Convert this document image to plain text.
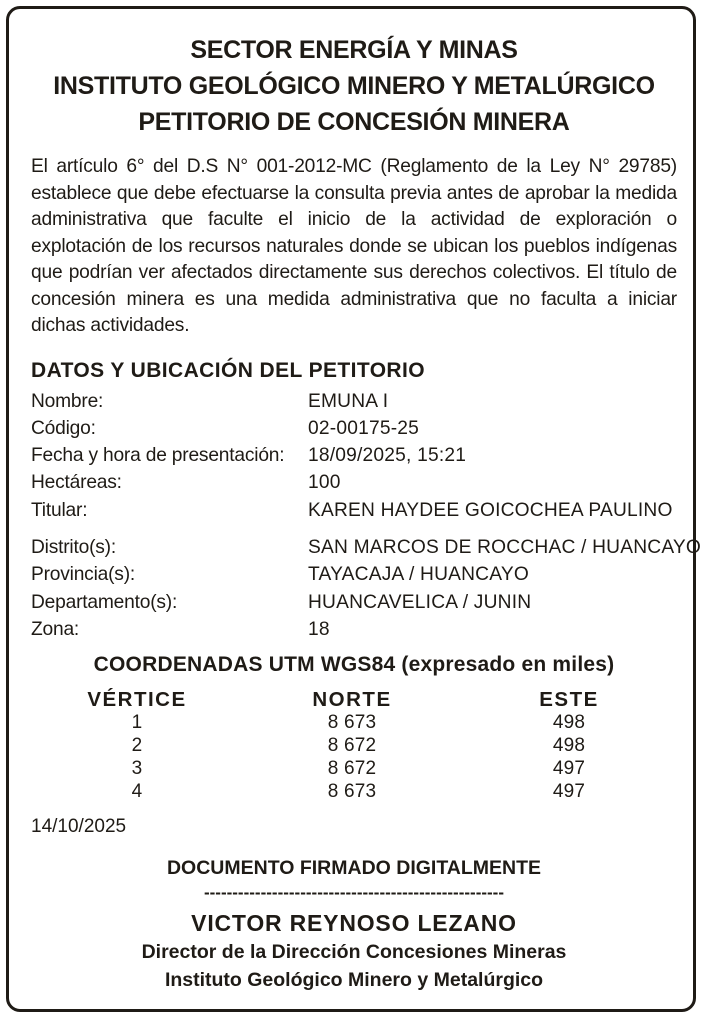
SECTOR ENERGÍA Y MINAS
INSTITUTO GEOLÓGICO MINERO Y METALÚRGICO
PETITORIO DE CONCESIÓN MINERA
El artículo 6° del D.S N° 001-2012-MC (Reglamento de la Ley N° 29785) establece que debe efectuarse la consulta previa antes de aprobar la medida administrativa que faculte el inicio de la actividad de exploración o explotación de los recursos naturales donde se ubican los pueblos indígenas que podrían ver afectados directamente sus derechos colectivos. El título de concesión minera es una medida administrativa que no faculta a iniciar dichas actividades.
DATOS Y UBICACIÓN DEL PETITORIO
Nombre:	EMUNA I
Código:	02-00175-25
Fecha y hora de presentación: 18/09/2025, 15:21
Hectáreas:	100
Titular:	KAREN HAYDEE GOICOCHEA PAULINO
Distrito(s):	SAN MARCOS DE ROCCHAC / HUANCAYO
Provincia(s):	TAYACAJA / HUANCAYO
Departamento(s):	HUANCAVELICA / JUNIN
Zona:	18
COORDENADAS UTM WGS84 (expresado en miles)
VÉRTICE	NORTE	ESTE
1	8 673	498
2	8 672	498
3	8 672	497
4	8 673	497
14/10/2025
DOCUMENTO FIRMADO DIGITALMENTE
-----------------------------------------------------
VICTOR REYNOSO LEZANO
Director de la Dirección Concesiones Mineras
Instituto Geológico Minero y Metalúrgico
